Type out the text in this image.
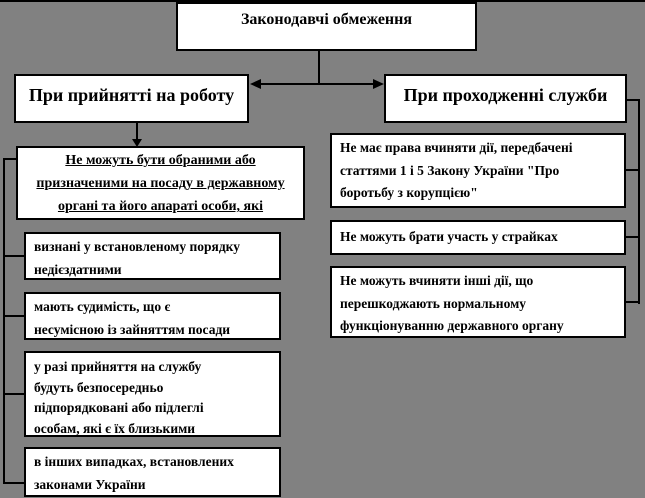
Законодавчі обмеження
При прийнятті на роботу	При проходженні служби
Не можуть бути обраними або
призначеними на посаду в державному
органі та його апараті особи, які
визнані у встановленому порядку
недієздатними
мають судимість, що є
несумісною із зайняттям посади
у разі прийняття на службу
будуть безпосередньо
підпорядковані або підлеглі
особам, які є їх близькими
в інших випадках, встановлених
законами України
Не має права вчиняти дії, передбачені
статтями 1 і 5 Закону України "Про
боротьбу з корупцією"
Не можуть брати участь у страйках
Не можуть вчиняти інші дії, що
перешкоджають нормальному
функціонуванню державного органу
